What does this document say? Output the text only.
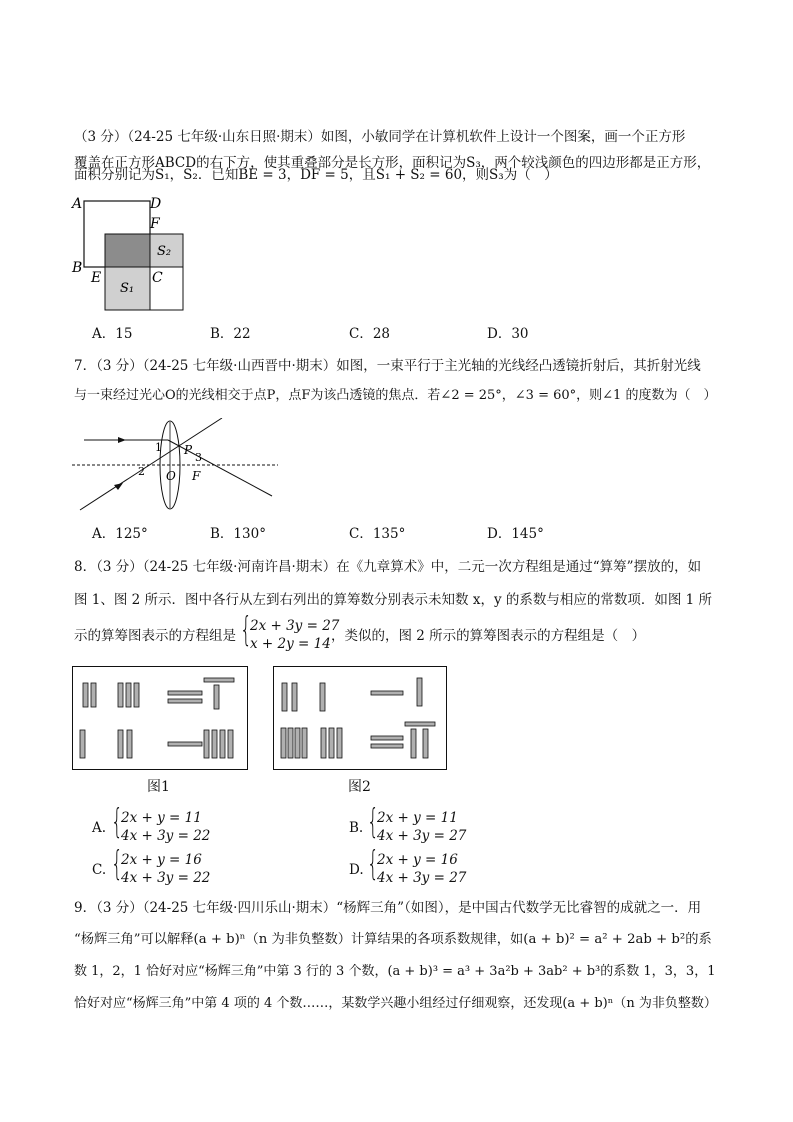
（3 分）（24-25 七年级·山东日照·期末）如图，小敏同学在计算机软件上设计一个图案，画一个正方形
覆盖在正方形ABCD的右下方，使其重叠部分是长方形，面积记为S₃，两个较浅颜色的四边形都是正方形，
面积分别记为S₁，S₂．已知BE = 3，DF = 5，且S₁ + S₂ = 60，则S₃为（　）
A	D
F
B
E	C
S₂
S₁
A．15	B．22	C．28	D．30
7．（3 分）（24-25 七年级·山西晋中·期末）如图，一束平行于主光轴的光线经凸透镜折射后，其折射光线
与一束经过光心O的光线相交于点P，点F为该凸透镜的焦点．若∠2 = 25°，∠3 = 60°，则∠1 的度数为（　）
1
2
3
P
O F
A．125°	B．130°	C．135°	D．145°
8．（3 分）（24-25 七年级·河南许昌·期末）在《九章算术》中，二元一次方程组是通过“算筹”摆放的，如
图 1、图 2 所示．图中各行从左到右列出的算筹数分别表示未知数 x，y 的系数与相应的常数项．如图 1 所
示的算筹图表示的方程组是 {
2x + 3y = 27
x + 2y = 14 ，类似的，图 2 所示的算筹图表示的方程组是（　）
图1	图2
A. {
2x + y = 11
4x + 3y = 22	B. {
2x + y = 11
4x + 3y = 27
C. {
2x + y = 16
4x + 3y = 22	D. {
2x + y = 16
4x + 3y = 27
9．（3 分）（24-25 七年级·四川乐山·期末）“杨辉三角”（如图），是中国古代数学无比睿智的成就之一．用
“杨辉三角”可以解释(a + b)ⁿ（n 为非负整数）计算结果的各项系数规律，如(a + b)² = a² + 2ab + b²的系
数 1，2，1 恰好对应“杨辉三角”中第 3 行的 3 个数，(a + b)³ = a³ + 3a²b + 3ab² + b³的系数 1，3，3，1
恰好对应“杨辉三角”中第 4 项的 4 个数……，某数学兴趣小组经过仔细观察，还发现(a + b)ⁿ（n 为非负整数）
